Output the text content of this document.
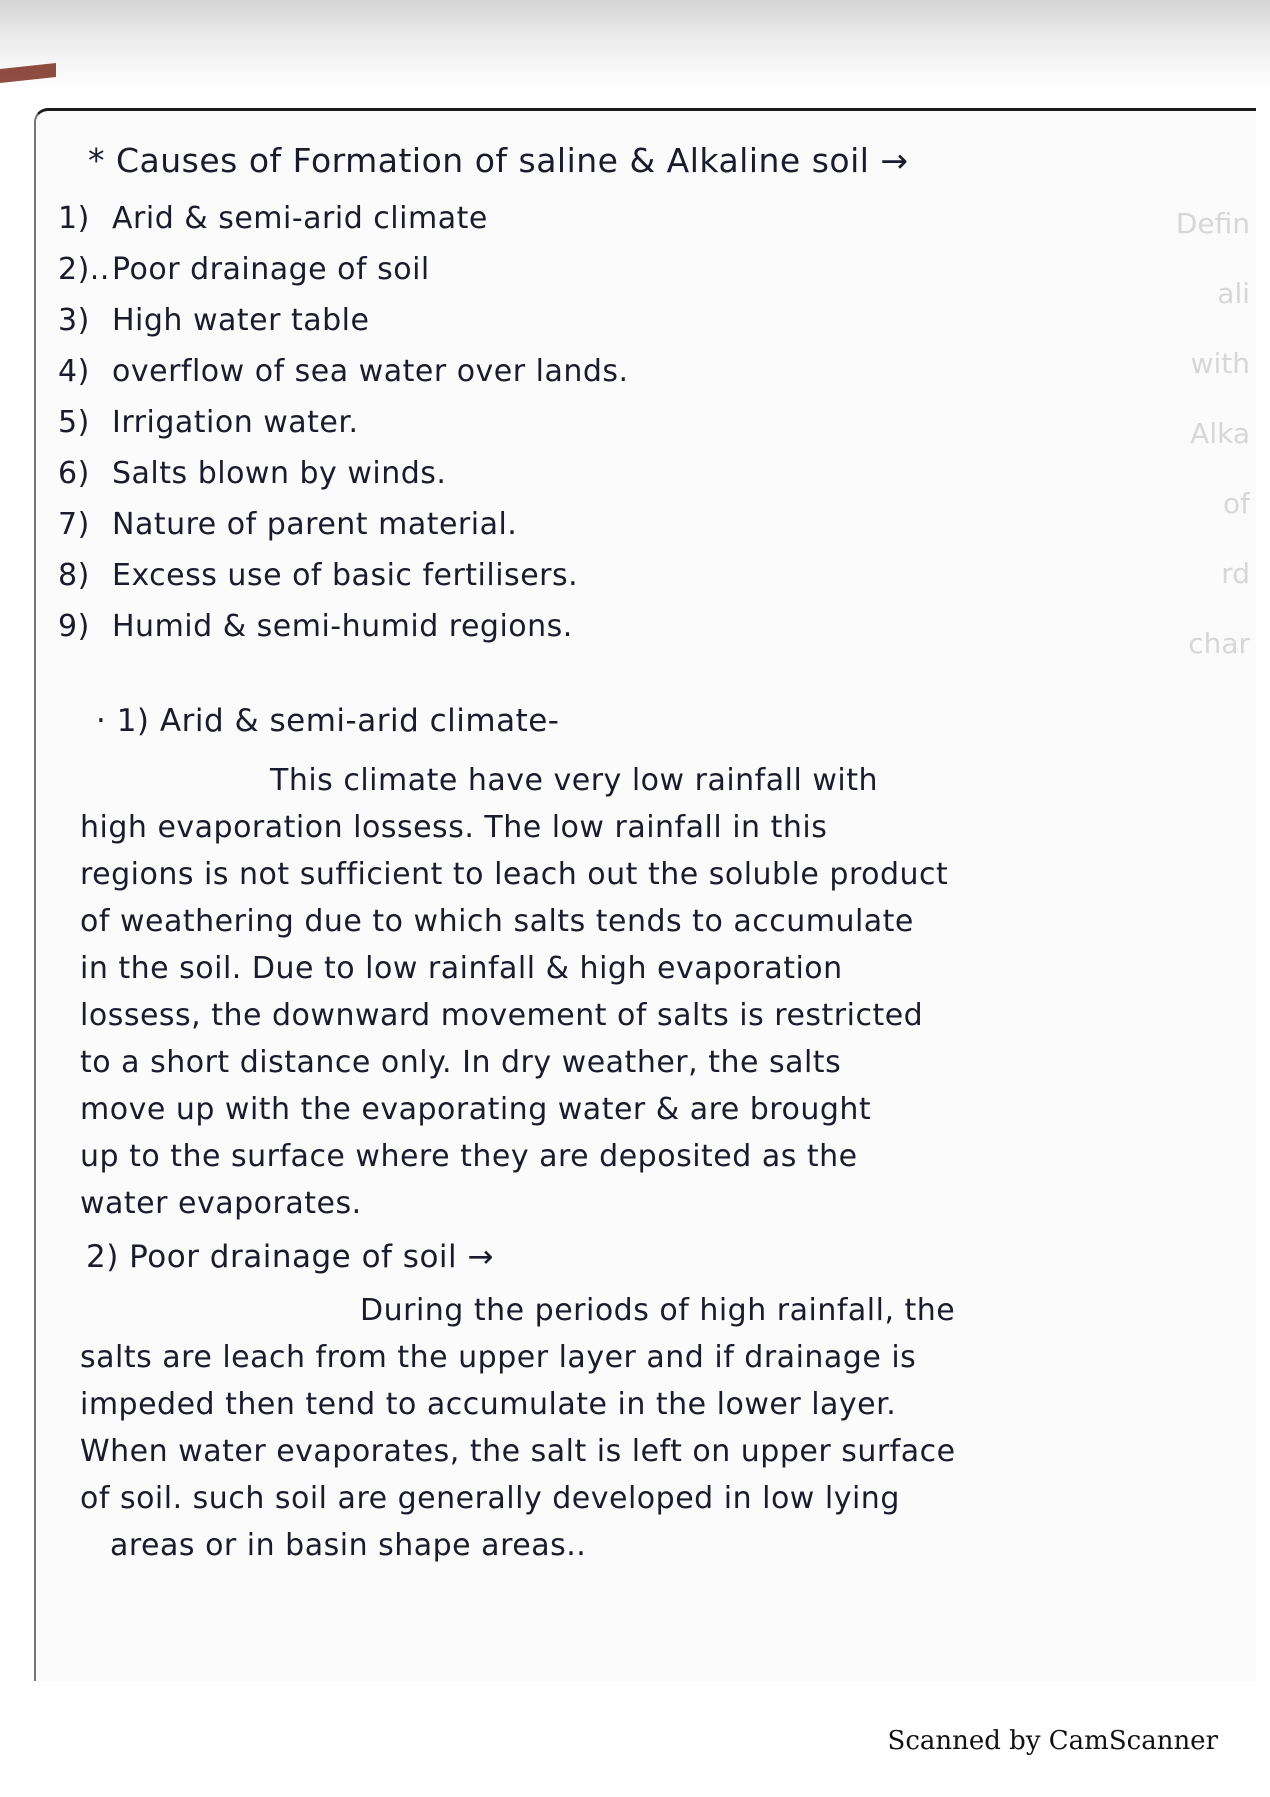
Defin
ali
with
Alka
of
rd
char
* Causes of Formation of saline & Alkaline soil →
1) Arid & semi-arid climate
2)..Poor drainage of soil
3) High water table
4) overflow of sea water over lands.
5) Irrigation water.
6) Salts blown by winds.
7) Nature of parent material.
8) Excess use of basic fertilisers.
9) Humid & semi-humid regions.
· 1) Arid & semi-arid climate-
This climate have very low rainfall with
high evaporation lossess. The low rainfall in this
regions is not sufficient to leach out the soluble product
of weathering due to which salts tends to accumulate
in the soil. Due to low rainfall & high evaporation
lossess, the downward movement of salts is restricted
to a short distance only. In dry weather, the salts
move up with the evaporating water & are brought
up to the surface where they are deposited as the
water evaporates.
2) Poor drainage of soil →
During the periods of high rainfall, the
salts are leach from the upper layer and if drainage is
impeded then tend to accumulate in the lower layer.
When water evaporates, the salt is left on upper surface
of soil. such soil are generally developed in low lying
areas or in basin shape areas..
Scanned by CamScanner
